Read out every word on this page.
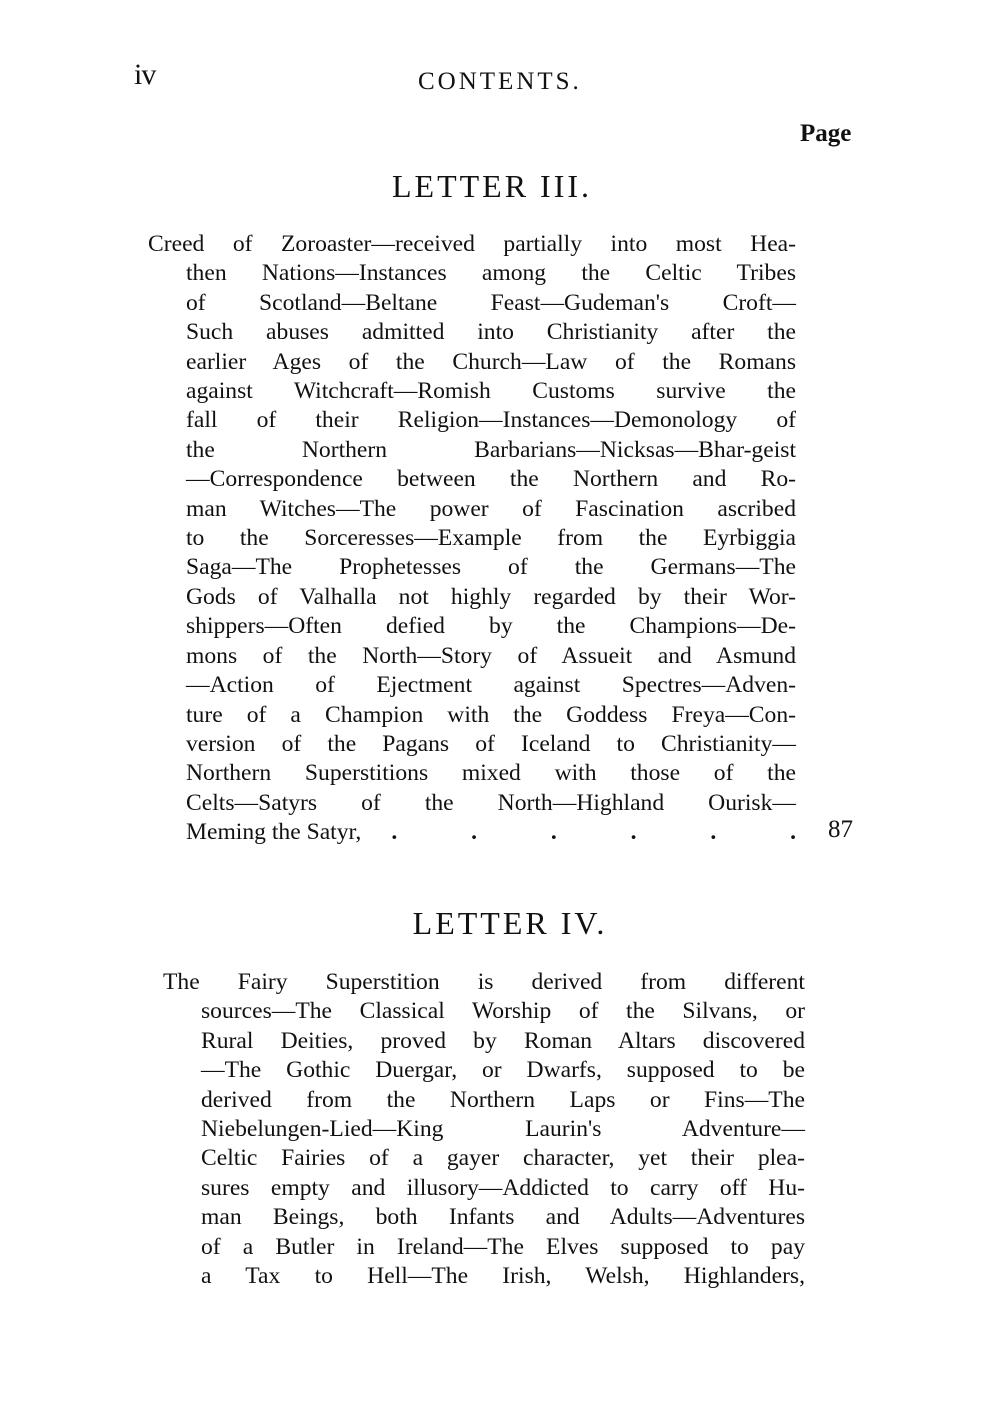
iv	CONTENTS.
Page
LETTER III.
Creed of Zoroaster—received partially into most Hea-
then Nations—Instances among the Celtic Tribes
of Scotland—Beltane Feast—Gudeman's Croft—
Such abuses admitted into Christianity after the
earlier Ages of the Church—Law of the Romans
against Witchcraft—Romish Customs survive the
fall of their Religion—Instances—Demonology of
the Northern Barbarians—Nicksas—Bhar-geist
—Correspondence between the Northern and Ro-
man Witches—The power of Fascination ascribed
to the Sorceresses—Example from the Eyrbiggia
Saga—The Prophetesses of the Germans—The
Gods of Valhalla not highly regarded by their Wor-
shippers—Often defied by the Champions—De-
mons of the North—Story of Assueit and Asmund
—Action of Ejectment against Spectres—Adven-
ture of a Champion with the Goddess Freya—Con-
version of the Pagans of Iceland to Christianity—
Northern Superstitions mixed with those of the
Celts—Satyrs of the North—Highland Ourisk—
Meming the Satyr, .	.	.	.	.	. 87
LETTER IV.
The Fairy Superstition is derived from different
sources—The Classical Worship of the Silvans, or
Rural Deities, proved by Roman Altars discovered
—The Gothic Duergar, or Dwarfs, supposed to be
derived from the Northern Laps or Fins—The
Niebelungen-Lied—King Laurin's Adventure—
Celtic Fairies of a gayer character, yet their plea-
sures empty and illusory—Addicted to carry off Hu-
man Beings, both Infants and Adults—Adventures
of a Butler in Ireland—The Elves supposed to pay
a Tax to Hell—The Irish, Welsh, Highlanders,
